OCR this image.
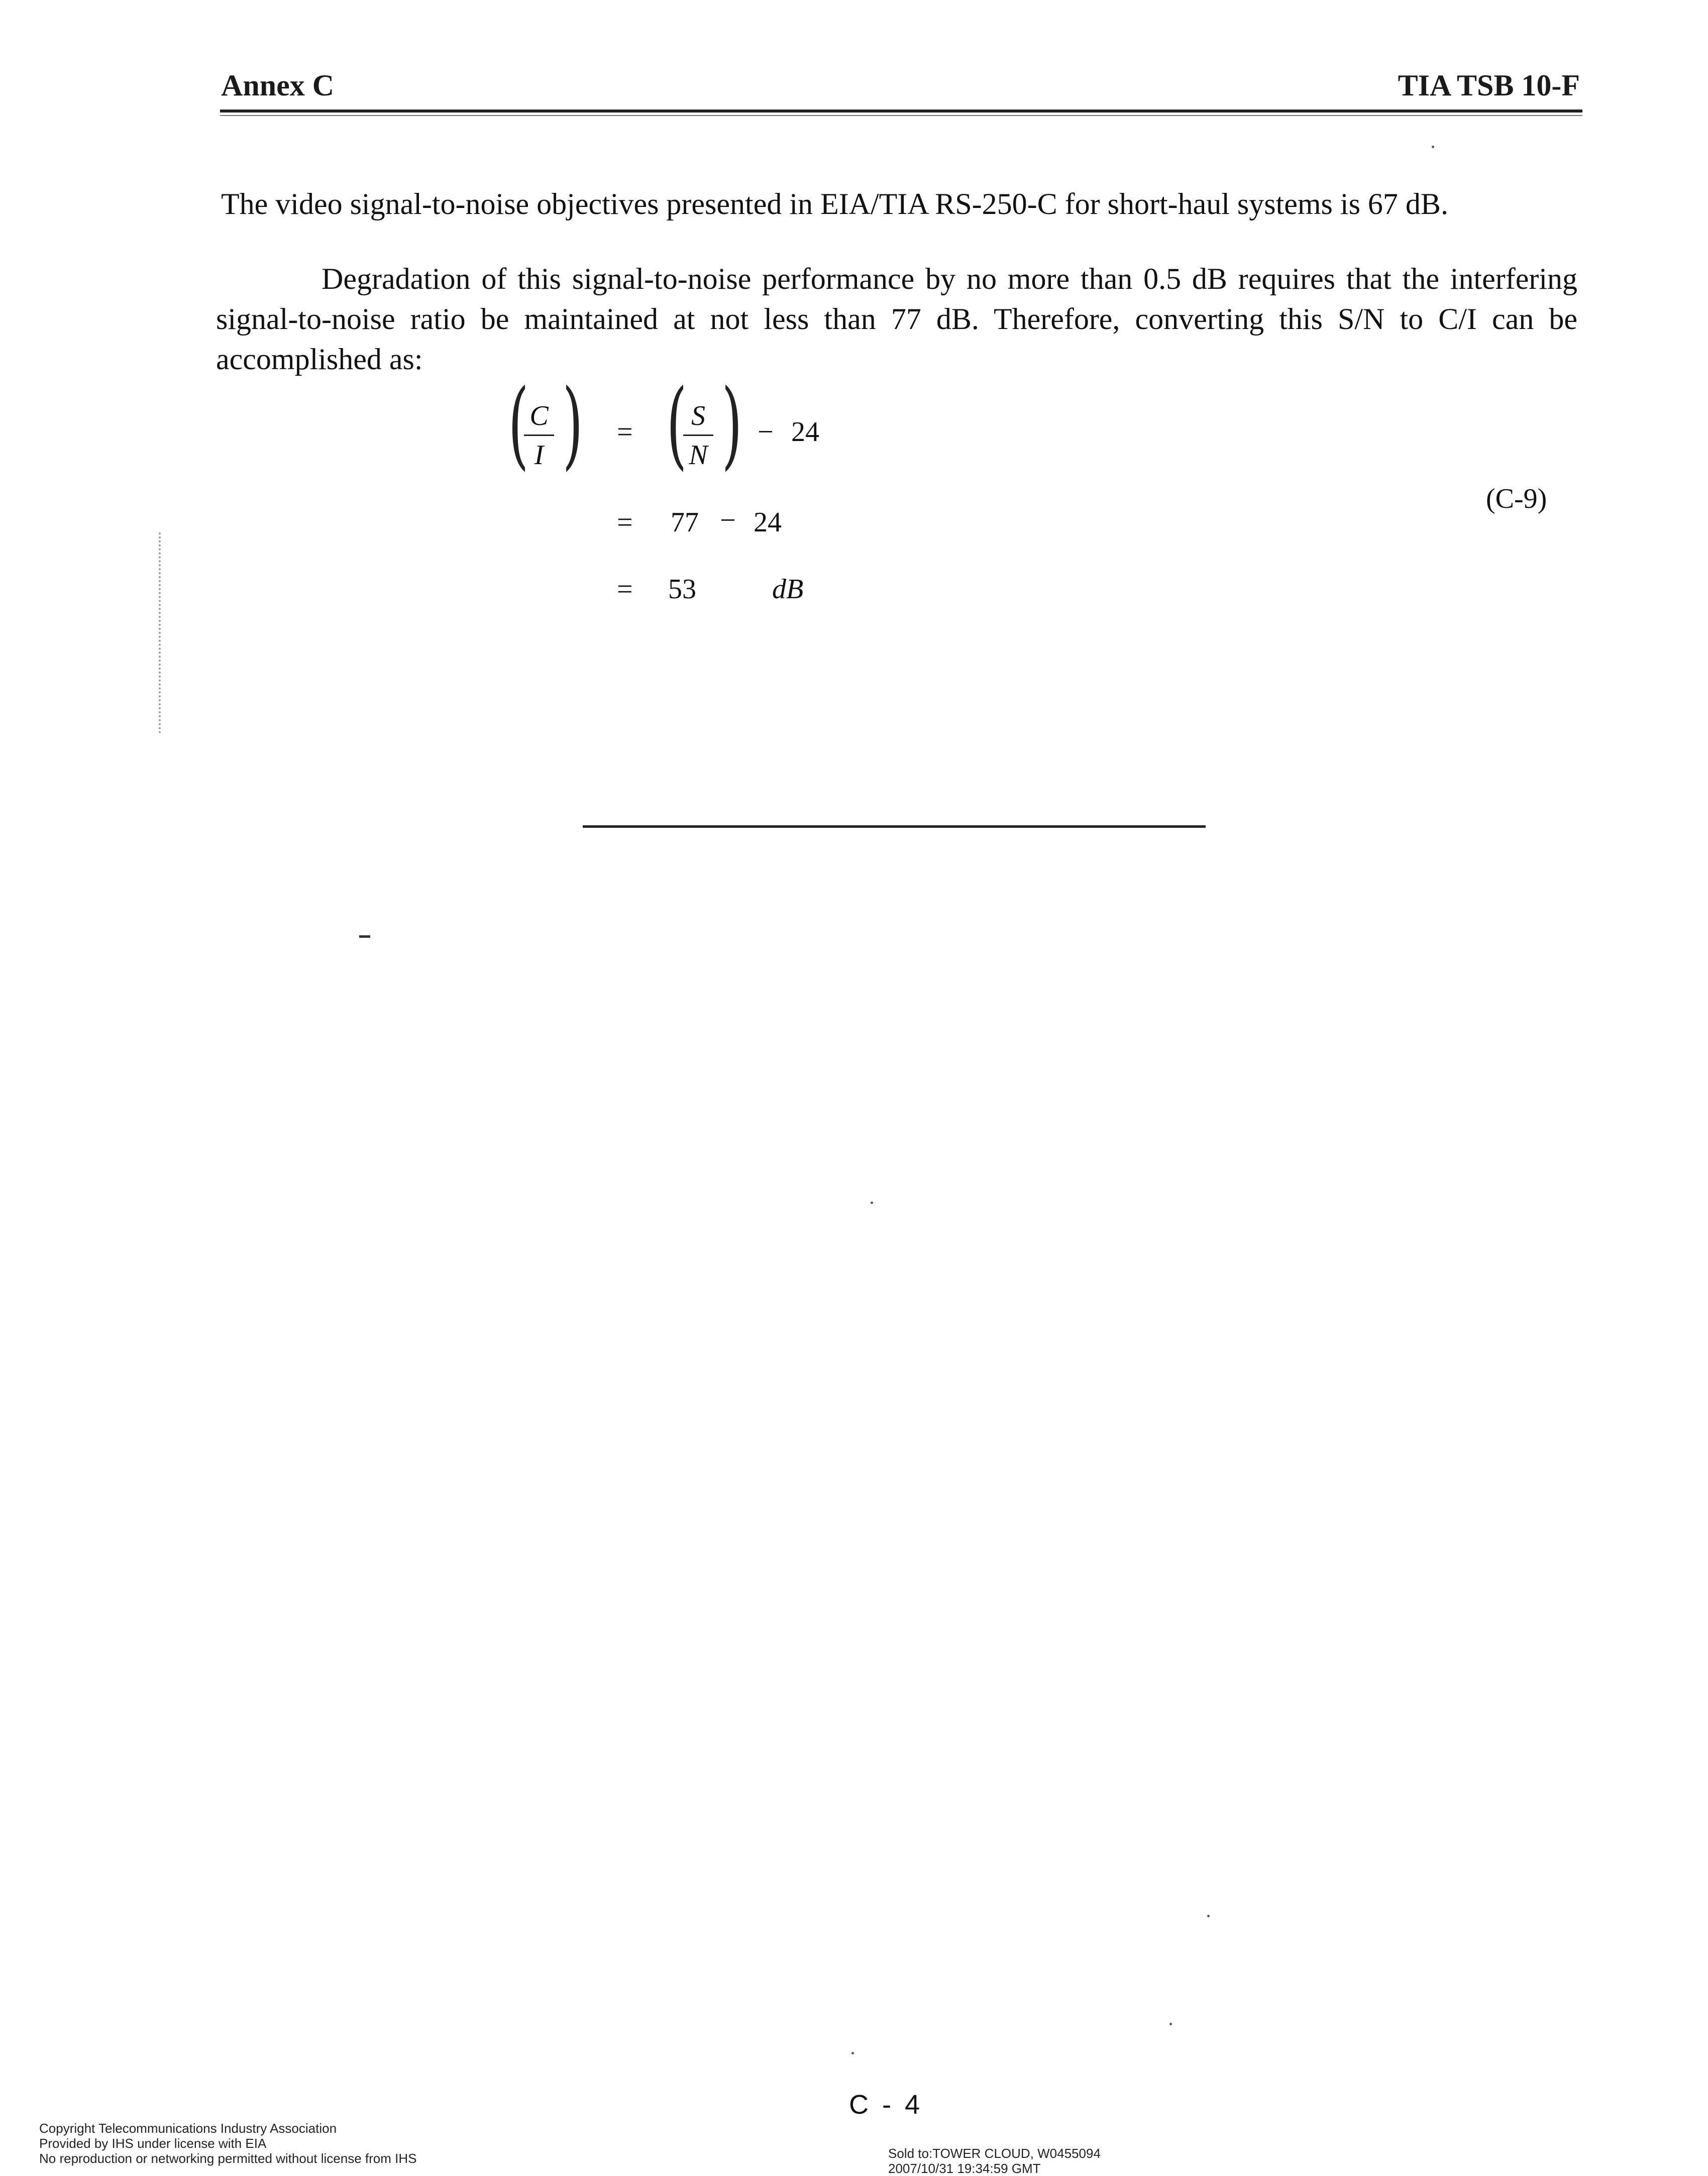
Annex C	TIA TSB 10-F
The video signal-to-noise objectives presented in EIA/TIA RS-250-C for short-haul systems is 67 dB.
Degradation of this signal-to-noise performance by no more than 0.5 dB requires that the interfering signal-to-noise ratio be maintained at not less than 77 dB. Therefore, converting this S/N to C/I can be accomplished as:
( C
I ) = ( S
N ) − 24
= 77 − 24
= 53	dB
(C-9)
C - 4
Copyright Telecommunications Industry Association
Provided by IHS under license with EIA
No reproduction or networking permitted without license from IHS	Sold to:TOWER CLOUD, W0455094
2007/10/31 19:34:59 GMT
